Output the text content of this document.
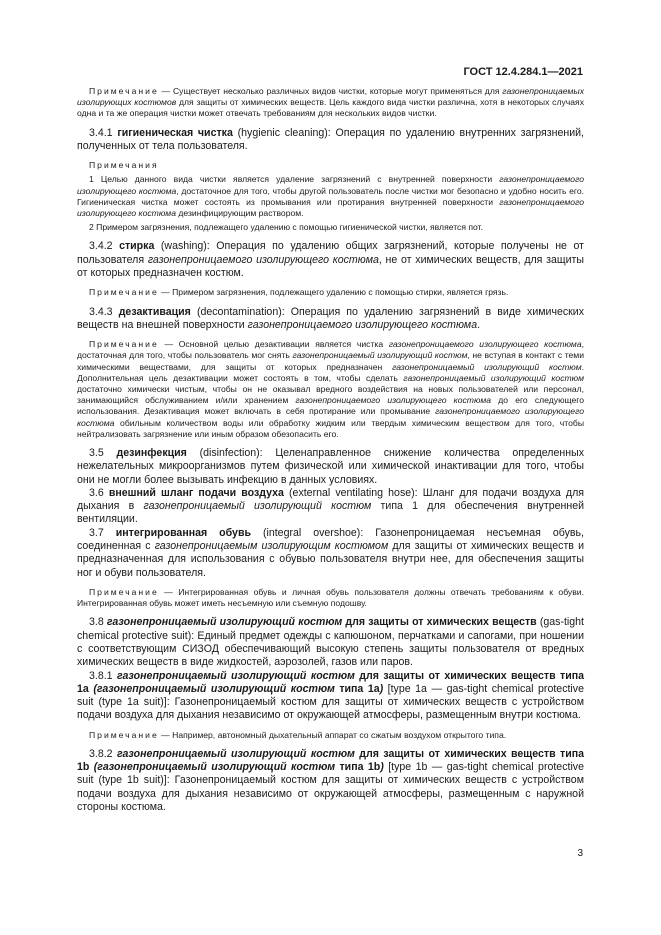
ГОСТ 12.4.284.1—2021

Примечание — Существует несколько различных видов чистки, которые могут применяться для газонепроницаемых изолирующих костюмов для защиты от химических веществ. Цель каждого вида чистки различна, хотя в некоторых случаях одна и та же операция чистки может отвечать требованиям для нескольких видов чистки.

3.4.1 гигиеническая чистка (hygienic cleaning): Операция по удалению внутренних загрязнений, полученных от тела пользователя.

Примечания

1 Целью данного вида чистки является удаление загрязнений с внутренней поверхности газонепроницаемого изолирующего костюма, достаточное для того, чтобы другой пользователь после чистки мог безопасно и удобно носить его. Гигиеническая чистка может состоять из промывания или протирания внутренней поверхности газонепроницаемого изолирующего костюма дезинфицирующим раствором.

2 Примером загрязнения, подлежащего удалению с помощью гигиенической чистки, является пот.

3.4.2 стирка (washing): Операция по удалению общих загрязнений, которые получены не от пользователя газонепроницаемого изолирующего костюма, не от химических веществ, для защиты от которых предназначен костюм.

Примечание — Примером загрязнения, подлежащего удалению с помощью стирки, является грязь.

3.4.3 дезактивация (decontamination): Операция по удалению загрязнений в виде химических веществ на внешней поверхности газонепроницаемого изолирующего костюма.

Примечание — Основной целью дезактивации является чистка газонепроницаемого изолирующего костюма, достаточная для того, чтобы пользователь мог снять газонепроницаемый изолирующий костюм, не вступая в контакт с теми химическими веществами, для защиты от которых предназначен газонепроницаемый изолирующий костюм. Дополнительная цель дезактивации может состоять в том, чтобы сделать газонепроницаемый изолирующий костюм достаточно химически чистым, чтобы он не оказывал вредного воздействия на новых пользователей или персонал, занимающийся обслуживанием и/или хранением газонепроницаемого изолирующего костюма до его следующего использования. Дезактивация может включать в себя протирание или промывание газонепроницаемого изолирующего костюма обильным количеством воды или обработку жидким или твердым химическим веществом для того, чтобы нейтрализовать загрязнение или иным образом обезопасить его.

3.5 дезинфекция (disinfection): Целенаправленное снижение количества определенных нежелательных микроорганизмов путем физической или химической инактивации для того, чтобы они не могли более вызывать инфекцию в данных условиях.

3.6 внешний шланг подачи воздуха (external ventilating hose): Шланг для подачи воздуха для дыхания в газонепроницаемый изолирующий костюм типа 1 для обеспечения внутренней вентиляции.

3.7 интегрированная обувь (integral overshoe): Газонепроницаемая несъемная обувь, соединенная с газонепроницаемым изолирующим костюмом для защиты от химических веществ и предназначенная для использования с обувью пользователя внутри нее, для обеспечения защиты ног и обуви пользователя.

Примечание — Интегрированная обувь и личная обувь пользователя должны отвечать требованиям к обуви. Интегрированная обувь может иметь несъемную или съемную подошву.

3.8 газонепроницаемый изолирующий костюм для защиты от химических веществ (gas-tight chemical protective suit): Единый предмет одежды с капюшоном, перчатками и сапогами, при ношении с соответствующим СИЗОД обеспечивающий высокую степень защиты пользователя от вредных химических веществ в виде жидкостей, аэрозолей, газов или паров.

3.8.1 газонепроницаемый изолирующий костюм для защиты от химических веществ типа 1a (газонепроницаемый изолирующий костюм типа 1a) [type 1a — gas-tight chemical protective suit (type 1a suit)]: Газонепроницаемый костюм для защиты от химических веществ с устройством подачи воздуха для дыхания независимо от окружающей атмосферы, размещенным внутри костюма.

Примечание — Например, автономный дыхательный аппарат со сжатым воздухом открытого типа.

3.8.2 газонепроницаемый изолирующий костюм для защиты от химических веществ типа 1b (газонепроницаемый изолирующий костюм типа 1b) [type 1b — gas-tight chemical protective suit (type 1b suit)]: Газонепроницаемый костюм для защиты от химических веществ с устройством подачи воздуха для дыхания независимо от окружающей атмосферы, размещенным с наружной стороны костюма.

3
